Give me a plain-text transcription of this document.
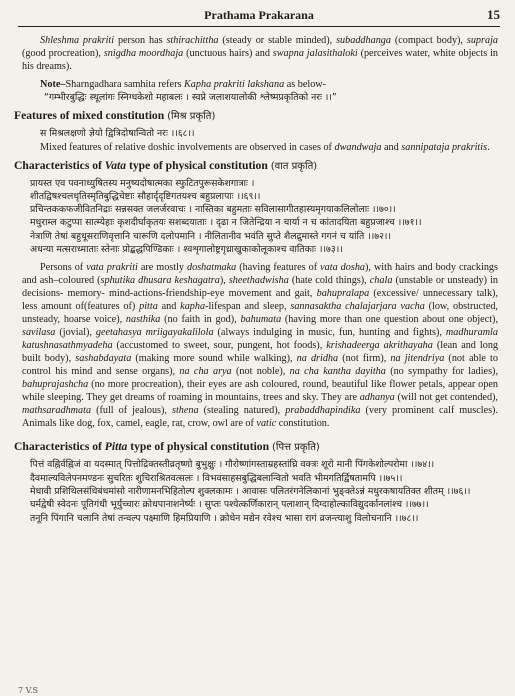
Prathama Prakarana	15

Shleshma prakriti person has sthirachittha (steady or stable minded), subaddhanga (compact body), supraja (good procreation), snigdha moordhaja (unctuous hairs) and swapna jalasithaloki (perceives water, white objects in his dreams).

Note–Sharngadhara samhita refers Kapha prakriti lakshana as below-

“गम्भीरबुद्धिः स्थूलांगः स्निग्धकेशो महाबलः । स्वप्ने जलाशयालोकी श्लेष्मप्रकृतिको नरः ।।”
Features of mixed constitution (मिश्र प्रकृति)
स मिश्रलक्षणो ज्ञेयो द्वित्रिदोषान्वितो नरः ।।६८।।

Mixed features of relative doshic involvements are observed in cases of dwandwaja and sannipataja prakritis.

Characteristics of Vata type of physical constitution (वात प्रकृति)
प्रायस्त एव पवनाध्युषितस्य मनुष्यदोषात्मका स्फुटितपुरूसकेशगात्राः ।
शीतद्विषश्चलधृतिस्मृतिबुद्धिचेष्टाः सौहार्दृदृष्टिगतयश्च बहुप्रलापाः ।।६९।।
प्रचिन्तककफजीवितनिद्राः सन्नसक्त जलर्जरवाचः । नास्तिका बहुमताः सविलासागीतहास्यमृगयाकलिलोलाः ।।७०।।
मधुराम्ल कटुप्पा सात्म्येहाः कृशदीर्घाकृतयः सशब्दयाताः । दृढा न जितेन्द्रिया न चार्या न च कांतादयिता बहुप्रजाश्च ।।७१।।
नेत्राणि तेषां बहुधूसराणिवृत्तानि चारूणि दलोपमानि । नीलितानीव भवंति सुप्ते शैलद्रुमास्ते गगनं च यांति ।।७२।।
अधन्या मत्सराध्माताः स्तेनाः प्रोद्बद्धपिण्डिकाः । श्वशृगालोष्ट्रगृध्राखुकाकोलूकाश्च वातिकाः ।।७३।।

Persons of vata prakriti are mostly doshatmaka (having features of vata dosha), with hairs and body crackings and ash–coloured (sphutika dhusara keshagatra), sheethadwisha (hate cold things), chala (unstable or unsteady) in decisions- memory- mind-actions-friendship-eye movement and gait, bahupralapa (excessive/ unnecessary talk), less amount of(features of) pitta and kapha-lifespan and sleep, sannasaktha chalajarjara vacha (low, obstructed, unsteady, hoarse voice), nasthika (no faith in god), bahumata (having more than one question about one object), savilasa (jovial), geetahasya mriigayakalilola (always indulging in music, fun, hunting and fights), madhuramla katushnasathmyadeha (accustomed to sweet, sour, pungent, hot foods), krishadeerga akrithayaha (lean and long built body), sashabdayata (making more sound while walking), na dridha (not firm), na jitendriya (not able to control his mind and sense organs), na cha arya (not noble), na cha kantha dayitha (no sympathy for ladies), bahuprajashcha (no more procreation), their eyes are ash coloured, round, beautiful like flower petals, appear open while sleeping. They get dreams of roaming in mountains, trees and sky. They are adhanya (will not get contended), mathsaradhmata (full of jealous), sthena (stealing natured), prabaddhapindika (very prominent calf muscles). Animals like dog, fox, camel, eagle, rat, crow, owl are of vatic constitution.

Characteristics of Pitta type of physical constitution (पित्त प्रकृति)
पित्तं वह्निर्वह्निजं वा यदस्मात् पित्तोद्रिक्तस्तीव्रतृष्णो बुभुक्षुः । गौरोष्णांगस्ताम्रहस्तांघ्रि वक्त्रः शूरो मानी पिंगकेशोल्परोमा ।।७४।।
दैवमाल्यविलेपनमण्डनः सुचरितः शुचिराश्रितवत्सलः । विभवसाहसबुद्धिबलान्वितो भवति भीमगतिर्द्विषतामपि ।।७५।।
मेधावी प्रशिथिलसंधिबंधमांसो नारीणामनभिहितोल्प शुक्लकामः । आवासः पलितरंगनेलिकानां भुङ्क्तेऽन्नं मधुरकषायतिक्त शीतम् ।।७६।।
घर्मद्वेषी स्वेदनः पूतिगंधी भूर्युच्चारः क्रोधपानाशनेर्ष्यः । सुप्तः पश्येत्कर्णिकारान् पलाशान् दिग्दाहोल्काविद्युदर्कानलांश्च ।।७७।।
तनूनि पिंगानि चलानि तेषां तन्वल्प पक्ष्माणि हिमप्रियाणि । क्रोधेन मद्येन रवेश्च भासा रागं व्रजन्त्याशु विलोचनानि ।।७८।।
7 V.S
